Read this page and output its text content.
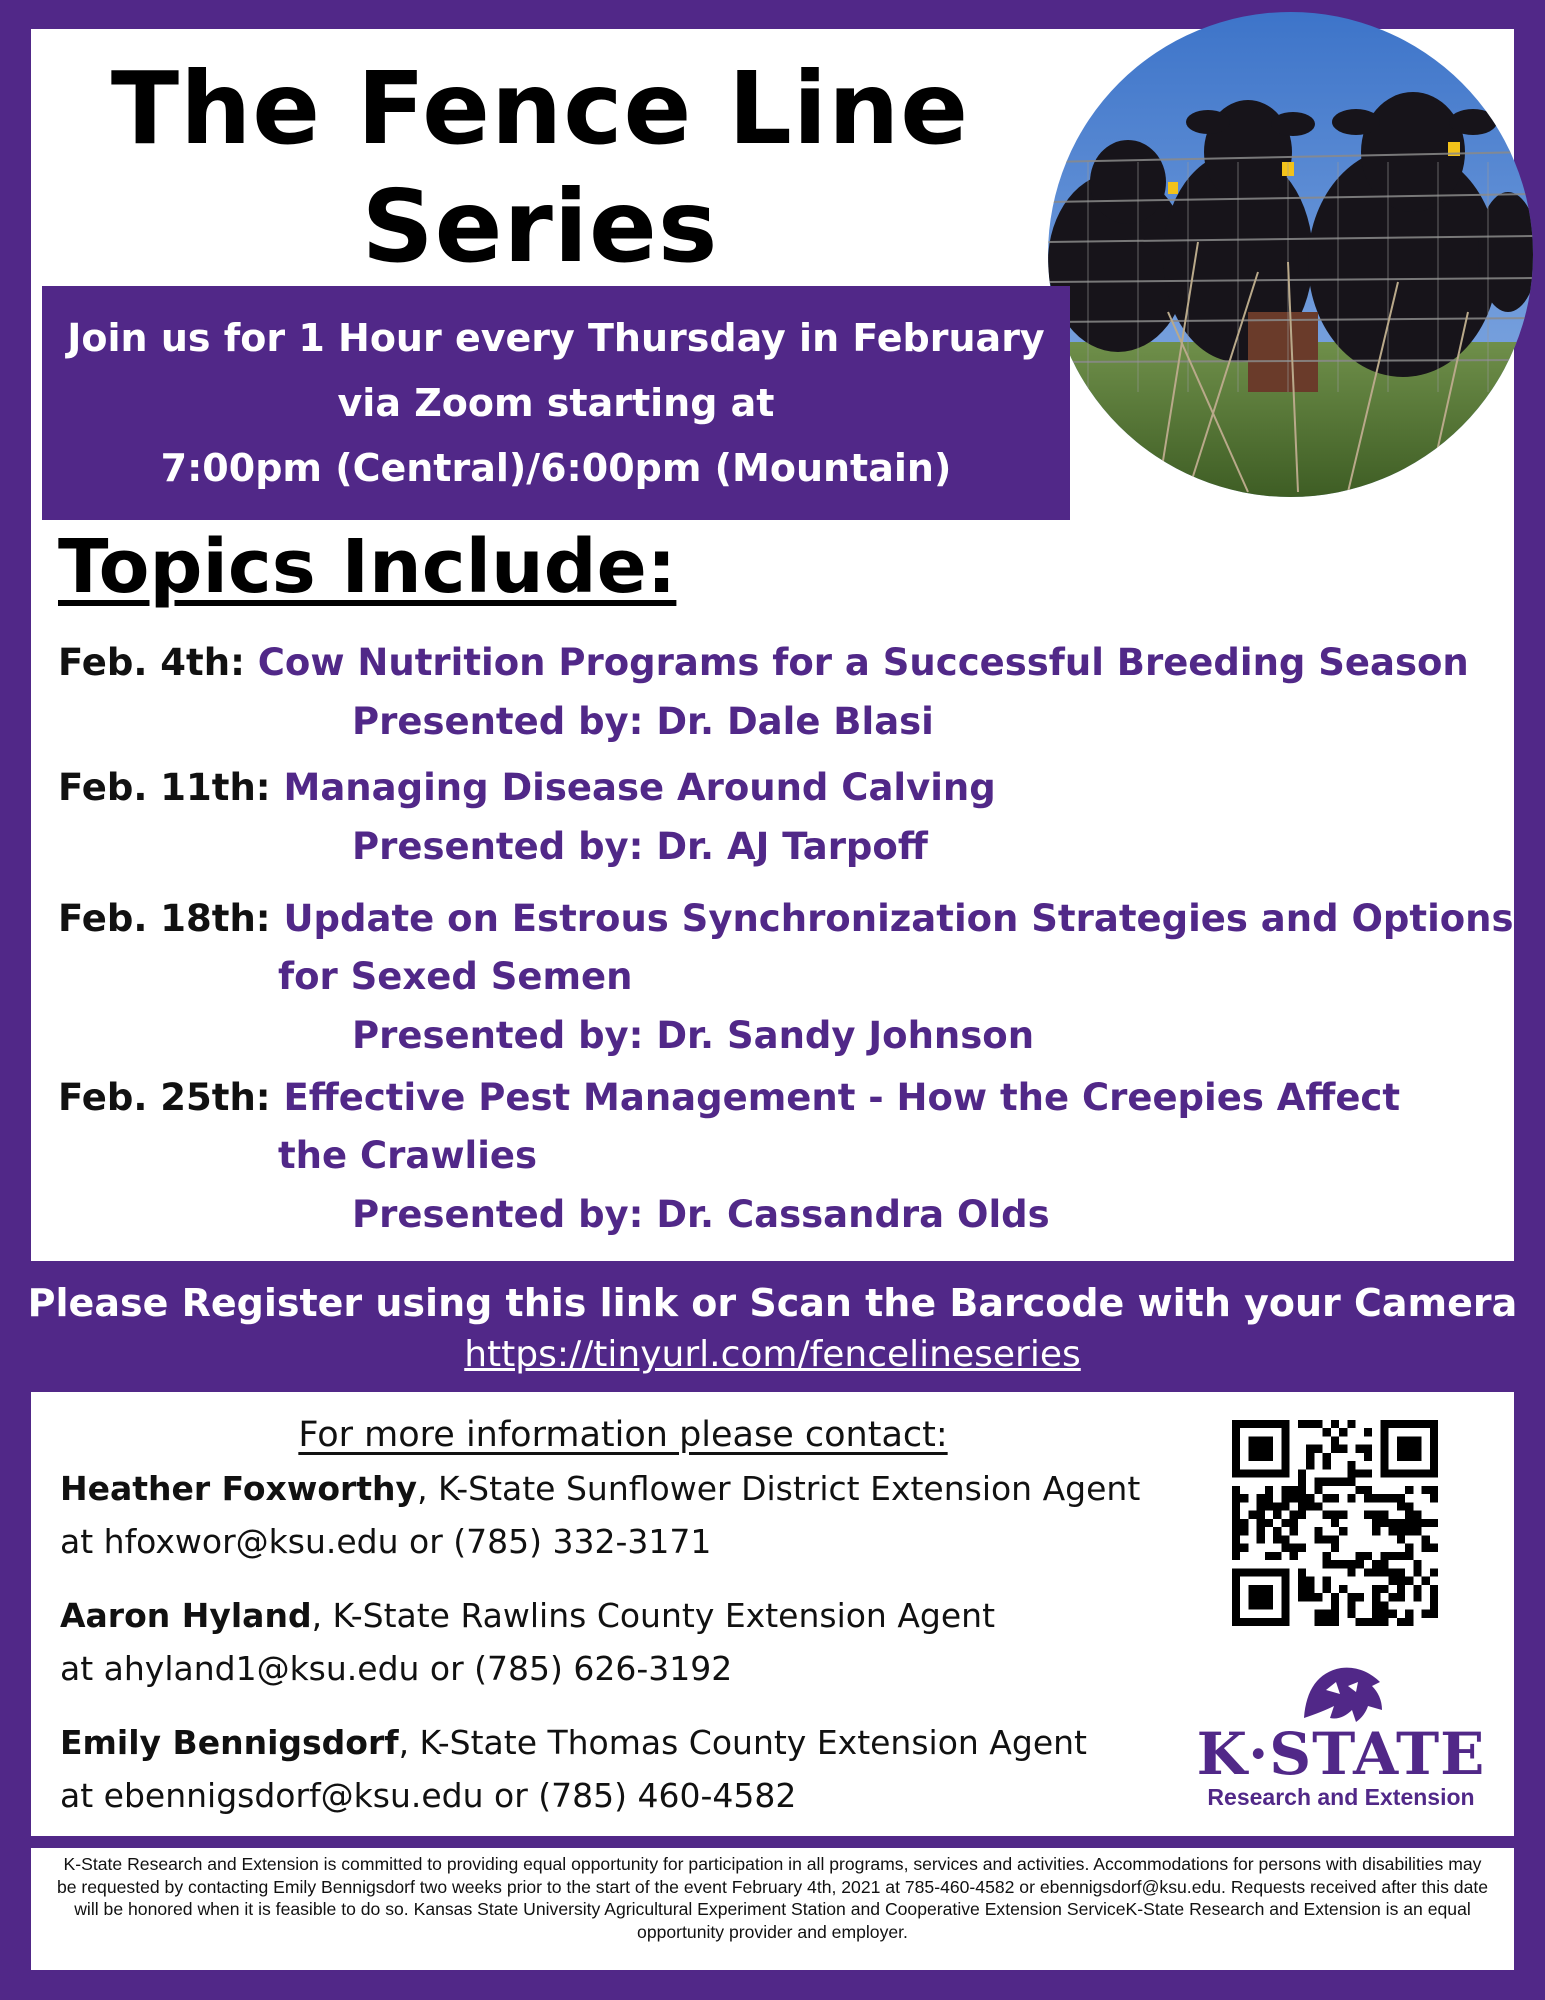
The Fence Line
Series
Join us for 1 Hour every Thursday in February
via Zoom starting at
7:00pm (Central)/6:00pm (Mountain)
Topics Include:
Feb. 4th: Cow Nutrition Programs for a Successful Breeding Season
Presented by: Dr. Dale Blasi
Feb. 11th: Managing Disease Around Calving
Presented by: Dr. AJ Tarpoff
Feb. 18th: Update on Estrous Synchronization Strategies and Options
for Sexed Semen
Presented by: Dr. Sandy Johnson
Feb. 25th: Effective Pest Management - How the Creepies Affect
the Crawlies
Presented by: Dr. Cassandra Olds
Please Register using this link or Scan the Barcode with your Camera
https://tinyurl.com/fencelineseries
For more information please contact:
Heather Foxworthy, K-State Sunflower District Extension Agent
at hfoxwor@ksu.edu or (785) 332-3171
Aaron Hyland, K-State Rawlins County Extension Agent
at ahyland1@ksu.edu or (785) 626-3192
Emily Bennigsdorf, K-State Thomas County Extension Agent
at ebennigsdorf@ksu.edu or (785) 460-4582
K·STATE
Research and Extension
K-State Research and Extension is committed to providing equal opportunity for participation in all programs, services and activities. Accommodations for persons with disabilities may be requested by contacting Emily Bennigsdorf two weeks prior to the start of the event February 4th, 2021 at 785-460-4582 or ebennigsdorf@ksu.edu. Requests received after this date will be honored when it is feasible to do so. Kansas State University Agricultural Experiment Station and Cooperative Extension ServiceK-State Research and Extension is an equal opportunity provider and employer.
